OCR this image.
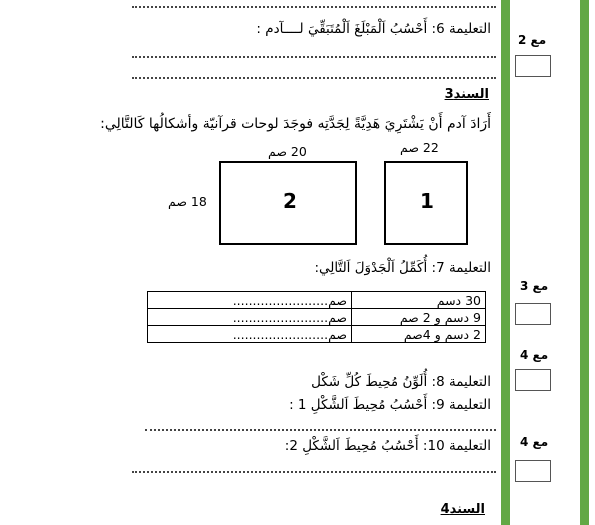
التعليمة 6: أَحْسُبُ اَلْمَبْلَغَ اَلْمُتَبَقِّيَ لــــآدم :
السند3
أَرَادَ آدم أَنْ يَشْتَرِيَ هَدِيَّةً لِجَدَّتِه فوجَدَ لوحات قرآنيّة وأشكالُها كَالتَّالِي:
20 صم	22 صم
18 صم	2	1
التعليمة 7: أُكَمِّلُ اَلْجَدْوَلَ اَلتَّالِي:
........................صم	30 دسم
........................صم	9 دسم و 2 صم
........................صم	2 دسم و 4صم
التعليمة 8: أُلَوِّنُ مُحِيطَ كُلِّ شَكْل
التعليمة 9: أَحْسُبُ مُحِيطَ اَلشَّكْلِ 1 :
التعليمة 10: أَحْسُبُ مُحِيطَ اَلشَّكْلِ 2:
السند4
مع 2
مع 3
مع 4
مع 4
